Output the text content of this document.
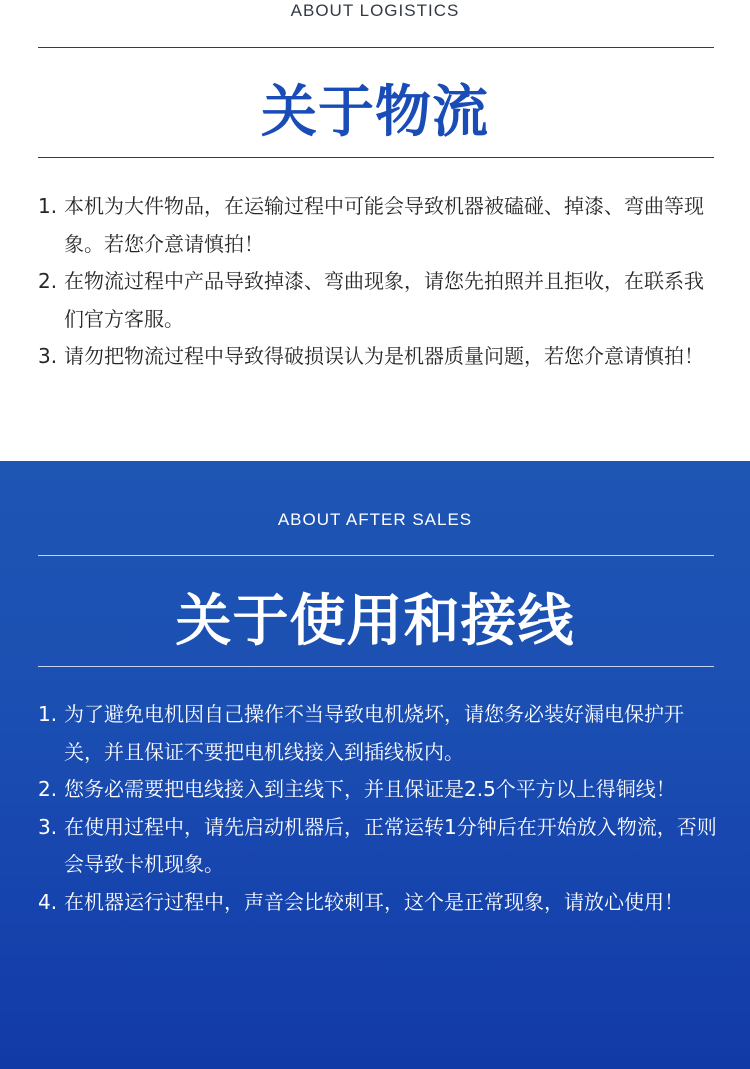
ABOUT LOGISTICS
关于物流
1. 本机为大件物品，在运输过程中可能会导致机器被磕碰、掉漆、弯曲等现象。若您介意请慎拍！
2. 在物流过程中产品导致掉漆、弯曲现象，请您先拍照并且拒收，在联系我们官方客服。
3. 请勿把物流过程中导致得破损误认为是机器质量问题，若您介意请慎拍！
ABOUT AFTER SALES
关于使用和接线
1. 为了避免电机因自己操作不当导致电机烧坏，请您务必装好漏电保护开关，并且保证不要把电机线接入到插线板内。
2. 您务必需要把电线接入到主线下，并且保证是2.5个平方以上得铜线！
3. 在使用过程中，请先启动机器后，正常运转1分钟后在开始放入物流，否则会导致卡机现象。
4. 在机器运行过程中，声音会比较刺耳，这个是正常现象，请放心使用！
